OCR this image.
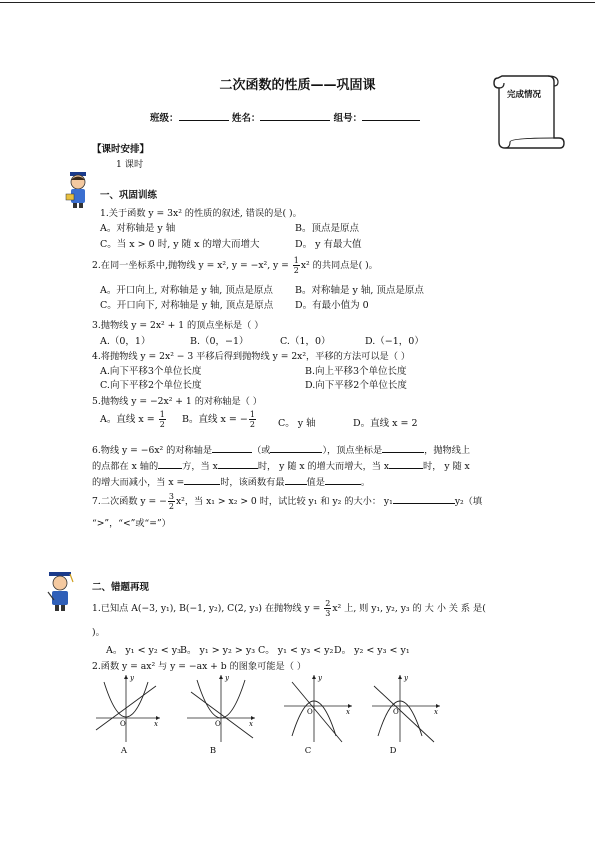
二次函数的性质——巩固课
班级：	姓名：	组号：
完成情况
【课时安排】
1 课时
一、巩固训练
1.关于函数 y = 3x² 的性质的叙述, 错误的是( )。
A。对称轴是 y 轴	B。顶点是原点
C。当 x > 0 时, y 随 x 的增大而增大	D。 y 有最大值
2.在同一坐标系中,抛物线 y = x², y = −x², $y = \frac{1}{2} x^2$ 的共同点是( )。
A。开口向上, 对称轴是 y 轴, 顶点是原点 B。对称轴是 y 轴, 顶点是原点
C。开口向下, 对称轴是 y 轴, 顶点是原点 D。有最小值为 0
3.抛物线 y = 2x² + 1 的顶点坐标是（ ）
A.（0，1）	B.（0，−1）	C.（1，0）	D.（−1，0）
4.将抛物线 y = 2x² − 3 平移后得到抛物线 y = 2x²，平移的方法可以是（ ）
A.向下平移3个单位长度	B.向上平移3个单位长度
C.向下平移2个单位长度	D.向下平移2个单位长度
5.抛物线 y = −2x² + 1 的对称轴是（ ）
A。直线 $x = \frac{1}{2}$ B。直线 x = − $\frac{1}{2}$ C。 y 轴	D。直线 x = 2
6.物线 y = −6x² 的对称轴是	（或	），顶点坐标是	，抛物线上
的点都在 x 轴的	方，当 x	时， y 随 x 的增大而增大，当 x	时， y 随 x
的增大而减小，当 x =	时，该函数有最 值是	。
7.二次函数 y = − $\frac{3}{2} x^2$，当 x₁ > x₂ > 0 时，试比较 y₁ 和 y₂ 的大小： y₁	y₂（填
“>”，“<”或“=”）
二、错题再现
1.已知点 A(−3, y₁), B(−1, y₂), C(2, y₃) 在抛物线 $y = \frac{2}{3} x^2$ 上, 则 y₁, y₂, y₃ 的 大 小 关 系 是(
)。
A。 y₁ < y₂ < y₃ B。 y₁ > y₂ > y₃ C。 y₁ < y₃ < y₂ D。 y₂ < y₃ < y₁
2.函数 y = ax² 与 y = −ax + b 的图象可能是（ ）
y
x
O
A
y
x
O
B
y
x
O
C
y
x
O
D
